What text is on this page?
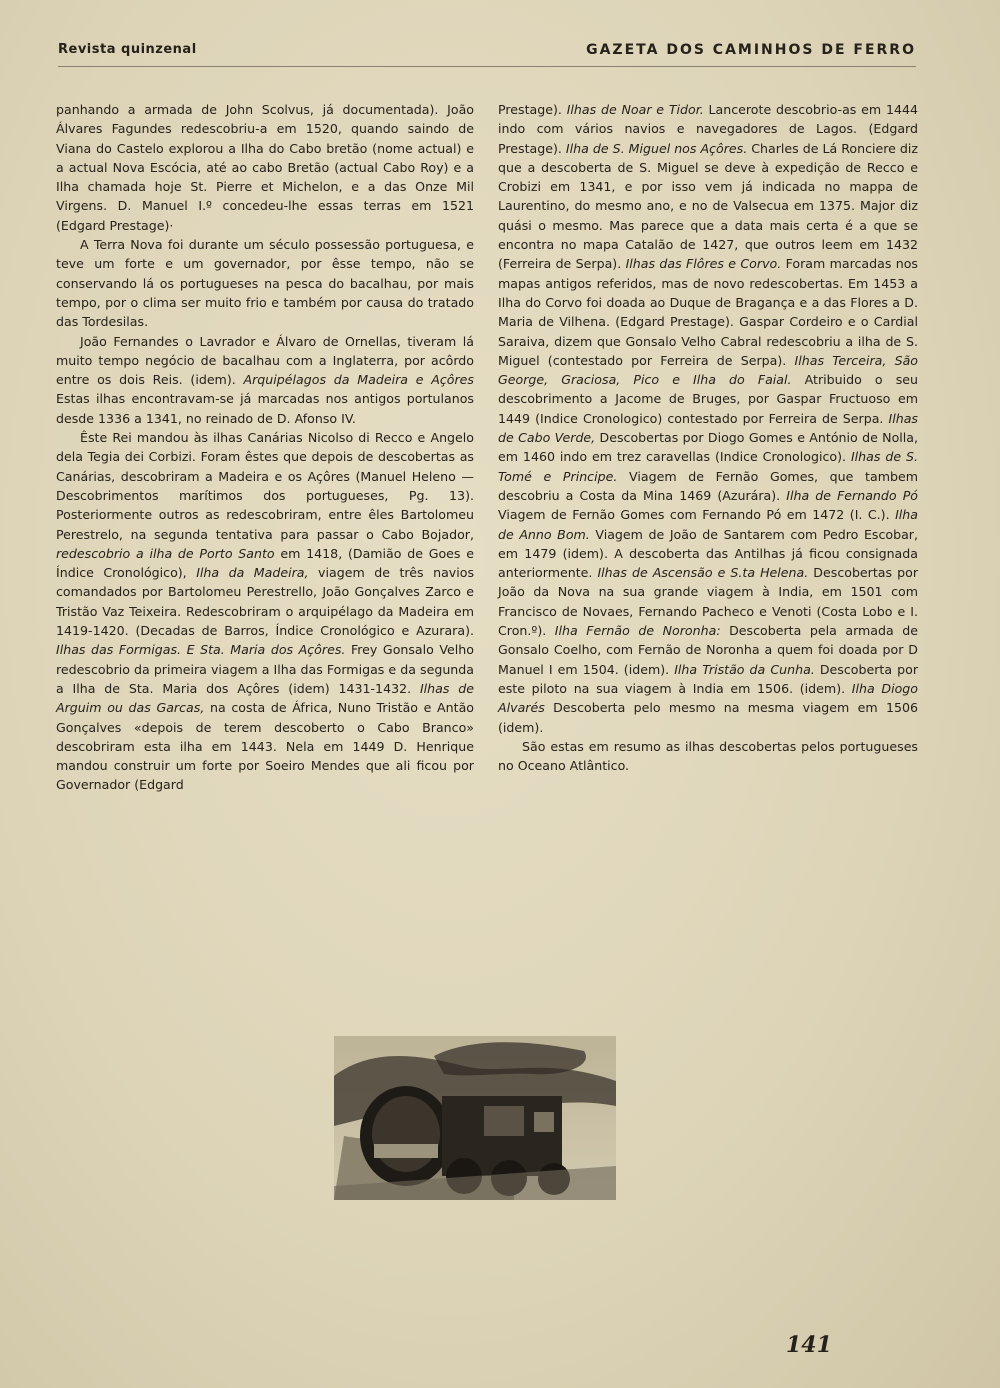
Revista quinzenal	GAZETA DOS CAMINHOS DE FERRO

panhando a armada de John Scolvus, já documentada). João Álvares Fagundes redescobriu-a em 1520, quando saindo de Viana do Castelo explorou a Ilha do Cabo bretão (nome actual) e a actual Nova Escócia, até ao cabo Bretão (actual Cabo Roy) e a Ilha chamada hoje St. Pierre et Michelon, e a das Onze Mil Virgens. D. Manuel I.º concedeu-lhe essas terras em 1521 (Edgard Prestage)·

A Terra Nova foi durante um século possessão portuguesa, e teve um forte e um governador, por êsse tempo, não se conservando lá os portugueses na pesca do bacalhau, por mais tempo, por o clima ser muito frio e também por causa do tratado das Tordesilas.

João Fernandes o Lavrador e Álvaro de Ornellas, tiveram lá muito tempo negócio de bacalhau com a Inglaterra, por acôrdo entre os dois Reis. (idem). Arquipélagos da Madeira e Açôres Estas ilhas encontravam-se já marcadas nos antigos portulanos desde 1336 a 1341, no reinado de D. Afonso IV.

Êste Rei mandou às ilhas Canárias Nicolso di Recco e Angelo dela Tegia dei Corbizi. Foram êstes que depois de descobertas as Canárias, descobriram a Madeira e os Açôres (Manuel Heleno — Descobrimentos marítimos dos portugueses, Pg. 13). Posteriormente outros as redescobriram, entre êles Bartolomeu Perestrelo, na segunda tentativa para passar o Cabo Bojador, redescobrio a ilha de Porto Santo em 1418, (Damião de Goes e Índice Cronológico), Ilha da Madeira, viagem de três navios comandados por Bartolomeu Perestrello, João Gonçalves Zarco e Tristão Vaz Teixeira. Redescobriram o arquipélago da Madeira em 1419-1420. (Decadas de Barros, Índice Cronológico e Azurara). Ilhas das Formigas. E Sta. Maria dos Açôres. Frey Gonsalo Velho redescobrio da primeira viagem a Ilha das Formigas e da segunda a Ilha de Sta. Maria dos Açôres (idem) 1431-1432. Ilhas de Arguim ou das Garcas, na costa de África, Nuno Tristão e Antão Gonçalves «depois de terem descoberto o Cabo Branco» descobriram esta ilha em 1443. Nela em 1449 D. Henrique mandou construir um forte por Soeiro Mendes que ali ficou por Governador (Edgard

Prestage). Ilhas de Noar e Tidor. Lancerote descobrio-as em 1444 indo com vários navios e navegadores de Lagos. (Edgard Prestage). Ilha de S. Miguel nos Açôres. Charles de Lá Ronciere diz que a descoberta de S. Miguel se deve à expedição de Recco e Crobizi em 1341, e por isso vem já indicada no mappa de Laurentino, do mesmo ano, e no de Valsecua em 1375. Major diz quási o mesmo. Mas parece que a data mais certa é a que se encontra no mapa Catalão de 1427, que outros leem em 1432 (Ferreira de Serpa). Ilhas das Flôres e Corvo. Foram marcadas nos mapas antigos referidos, mas de novo redescobertas. Em 1453 a Ilha do Corvo foi doada ao Duque de Bragança e a das Flores a D. Maria de Vilhena. (Edgard Prestage). Gaspar Cordeiro e o Cardial Saraiva, dizem que Gonsalo Velho Cabral redescobriu a ilha de S. Miguel (contestado por Ferreira de Serpa). Ilhas Terceira, São George, Graciosa, Pico e Ilha do Faial. Atribuido o seu descobrimento a Jacome de Bruges, por Gaspar Fructuoso em 1449 (Indice Cronologico) contestado por Ferreira de Serpa. Ilhas de Cabo Verde, Descobertas por Diogo Gomes e António de Nolla, em 1460 indo em trez caravellas (Indice Cronologico). Ilhas de S. Tomé e Principe. Viagem de Fernão Gomes, que tambem descobriu a Costa da Mina 1469 (Azurára). Ilha de Fernando Pó Viagem de Fernão Gomes com Fernando Pó em 1472 (I. C.). Ilha de Anno Bom. Viagem de João de Santarem com Pedro Escobar, em 1479 (idem). A descoberta das Antilhas já ficou consignada anteriormente. Ilhas de Ascensão e S.ta Helena. Descobertas por João da Nova na sua grande viagem à India, em 1501 com Francisco de Novaes, Fernando Pacheco e Venoti (Costa Lobo e I. Cron.º). Ilha Fernão de Noronha: Descoberta pela armada de Gonsalo Coelho, com Fernão de Noronha a quem foi doada por D Manuel I em 1504. (idem). Ilha Tristão da Cunha. Descoberta por este piloto na sua viagem à India em 1506. (idem). Ilha Diogo Alvarés Descoberta pelo mesmo na mesma viagem em 1506 (idem).

São estas em resumo as ilhas descobertas pelos portugueses no Oceano Atlântico.

141
